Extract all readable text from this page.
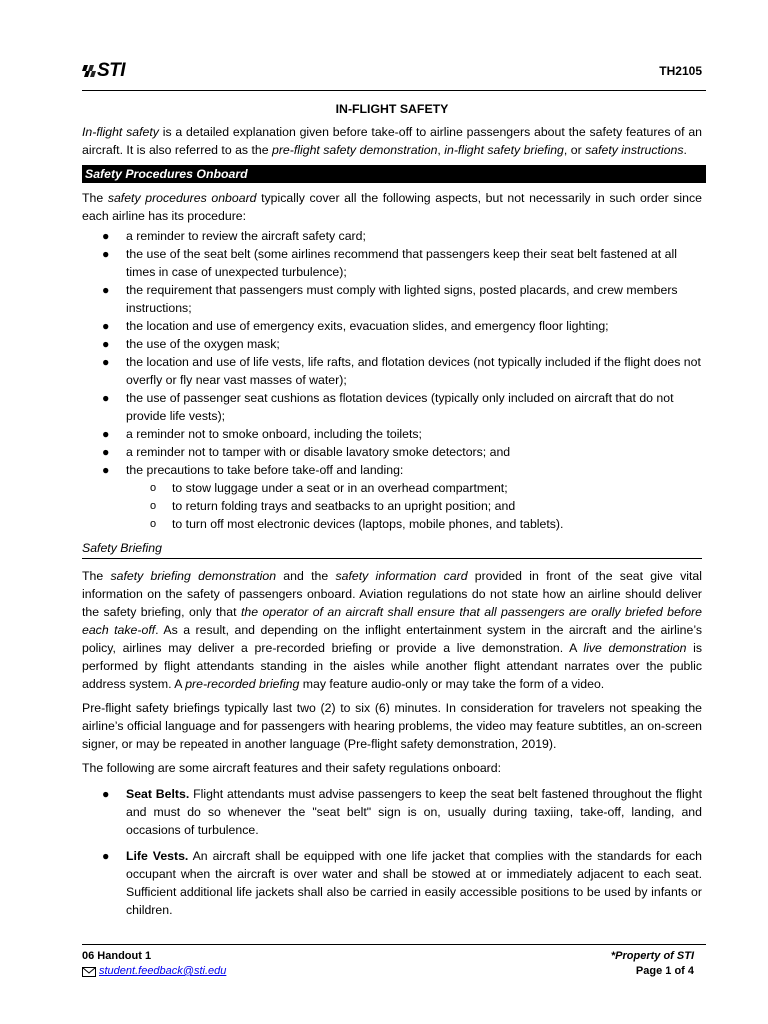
STI	TH2105
IN-FLIGHT SAFETY

In-flight safety is a detailed explanation given before take-off to airline passengers about the safety features of an aircraft. It is also referred to as the pre-flight safety demonstration, in-flight safety briefing, or safety instructions.

Safety Procedures Onboard

The safety procedures onboard typically cover all the following aspects, but not necessarily in such order since each airline has its procedure:

● a reminder to review the aircraft safety card;
● the use of the seat belt (some airlines recommend that passengers keep their seat belt fastened at all times in case of unexpected turbulence);
● the requirement that passengers must comply with lighted signs, posted placards, and crew members instructions;
● the location and use of emergency exits, evacuation slides, and emergency floor lighting;
● the use of the oxygen mask;
● the location and use of life vests, life rafts, and flotation devices (not typically included if the flight does not overfly or fly near vast masses of water);
● the use of passenger seat cushions as flotation devices (typically only included on aircraft that do not provide life vests);
● a reminder not to smoke onboard, including the toilets;
● a reminder not to tamper with or disable lavatory smoke detectors; and
● the precautions to take before take-off and landing:
o to stow luggage under a seat or in an overhead compartment;
o to return folding trays and seatbacks to an upright position; and
o to turn off most electronic devices (laptops, mobile phones, and tablets).
Safety Briefing

The safety briefing demonstration and the safety information card provided in front of the seat give vital information on the safety of passengers onboard. Aviation regulations do not state how an airline should deliver the safety briefing, only that the operator of an aircraft shall ensure that all passengers are orally briefed before each take-off. As a result, and depending on the inflight entertainment system in the aircraft and the airline’s policy, airlines may deliver a pre-recorded briefing or provide a live demonstration. A live demonstration is performed by flight attendants standing in the aisles while another flight attendant narrates over the public address system. A pre-recorded briefing may feature audio-only or may take the form of a video.

Pre-flight safety briefings typically last two (2) to six (6) minutes. In consideration for travelers not speaking the airline’s official language and for passengers with hearing problems, the video may feature subtitles, an on-screen signer, or may be repeated in another language (Pre-flight safety demonstration, 2019).

The following are some aircraft features and their safety regulations onboard:

● Seat Belts. Flight attendants must advise passengers to keep the seat belt fastened throughout the flight and must do so whenever the "seat belt" sign is on, usually during taxiing, take-off, landing, and occasions of turbulence.
● Life Vests. An aircraft shall be equipped with one life jacket that complies with the standards for each occupant when the aircraft is over water and shall be stowed at or immediately adjacent to each seat. Sufficient additional life jackets shall also be carried in easily accessible positions to be used by infants or children.
06 Handout 1
student.feedback@sti.edu
*Property of STI
Page 1 of 4
